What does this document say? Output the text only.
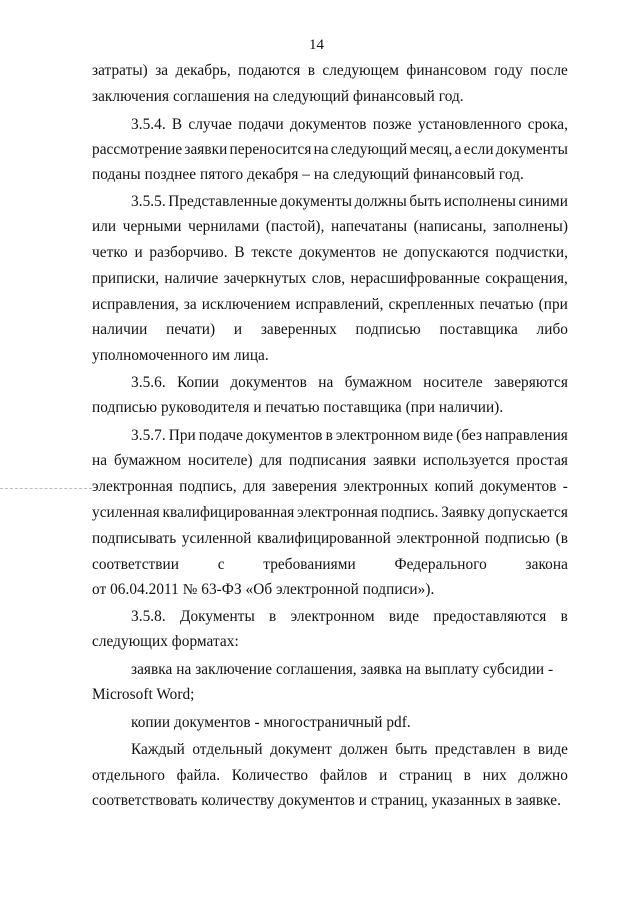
14
затраты) за декабрь, подаются в следующем финансовом году после
заключения соглашения на следующий финансовый год.
3.5.4. В случае подачи документов позже установленного срока,
рассмотрение заявки переносится на следующий месяц, а если документы
поданы позднее пятого декабря – на следующий финансовый год.
3.5.5. Представленные документы должны быть исполнены синими
или черными чернилами (пастой), напечатаны (написаны, заполнены)
четко и разборчиво. В тексте документов не допускаются подчистки,
приписки, наличие зачеркнутых слов, нерасшифрованные сокращения,
исправления, за исключением исправлений, скрепленных печатью (при
наличии печати) и заверенных подписью поставщика либо
уполномоченного им лица.
3.5.6. Копии документов на бумажном носителе заверяются
подписью руководителя и печатью поставщика (при наличии).
3.5.7. При подаче документов в электронном виде (без направления
на бумажном носителе) для подписания заявки используется простая
электронная подпись, для заверения электронных копий документов -
усиленная квалифицированная электронная подпись. Заявку допускается
подписывать усиленной квалифицированной электронной подписью (в
соответствии	с	требованиями	Федерального	закона
от 06.04.2011 № 63-ФЗ «Об электронной подписи»).
3.5.8. Документы в электронном виде предоставляются в
следующих форматах:
заявка на заключение соглашения, заявка на выплату субсидии -
Microsoft Word;
копии документов - многостраничный pdf.
Каждый отдельный документ должен быть представлен в виде
отдельного файла. Количество файлов и страниц в них должно
соответствовать количеству документов и страниц, указанных в заявке.
